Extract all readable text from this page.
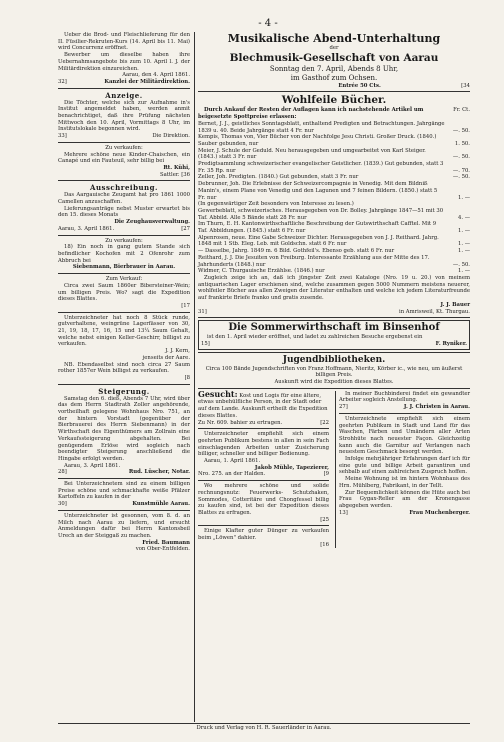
- 4 -

Ueber die Brod- und Fleischlieferung für den II. Füsilier-Rekruten-Kurs (14. April bis 11. Mai) wird Concurrenz eröffnet.

Bewerber um dieselbe haben ihre Uebernahmsangebote bis zum 10. April l. J. der Militärdirektion einzureichen.

Aarau, den 4. April 1861.

32]	Kanzlei der Militärdirektion.

Anzeige.

Die Töchter, welche sich zur Aufnahme in's Institut angemeldet haben, werden anmit benachrichtiget, daß ihre Prüfung nächsten Mittwoch den 10. April, Vormittags 8 Uhr, im Institutslokale begonnen wird.

33]	Die Direktion.

Zu verkaufen:

Mehrere schöne neue Kinder-Chaischen, ein Canapé und ein Fauteuil, sehr billig bei

Rt. Kühi,

Sattler. [36

Ausschreibung.

Das Aargauische Zeugamt hat pro 1861 1000 Camellen anzuschaffen.

Lieferungsanträge nebst Muster erwartet bis den 15. dieses Monats

Die Zeughausverwaltung.

Aarau, 3. April 1861.	[27

Zu verkaufen:

18) Ein noch in gang gutem Stande sich befindlicher Kochofen mit 2 Ofenrohr zum Abbruch bei

Siebenmann, Bierbrauer in Aarau.

Zum Verkauf:

Circa zwei Saum 1860er Bibersteiner-Wein; um billigen Preis. Wo? sagt die Expedition dieses Blattes.

[17

Unterzeichneter hat noch 8 Stück runde, gutverhaltene, weingrüne Lagerfässer von 30, 21, 19, 18, 17, 16, 15 und 13¼ Saum Gehalt, welche nebst einigen Keller-Geschirr, billigst zu verkaufen.

J. J. Kern,

jenseits der Aare.

NB. Ebendaselbst sind noch circa 27 Saum rother 1857er Wein billigst zu verkaufen.

[8

Steigerung.

Samstag den 6. dieß, Abends 7 Uhr, wird über das dem Herrn Stadtrath Zoller angehörende, vortheilhaft gelegene Wohnhaus Nro. 751, an der hintern Vorstadt (gegenüber der Bierbrauerei des Herrn Siebenmann) in der Wirthschaft des Eigenthümers am Zollrain eine Verkaufssteigerung abgehalten. Bei genügendem Erlöse wird sogleich nach beendigter Steigerung anschließend die Hingabe erfolgt werden.

Aarau, 3. April 1861.

28]	Rud. Lüscher, Notar.

Bei Unterzeichnetem sind zu einem billigen Preise schöne und schmackhafte weiße Pfälzer Kartoffeln zu kaufen in der

30]	Kunstmühle Aarau.

Unterzeichneter ist gesonnen, vom 8. d. an Milch nach Aarau zu liefern, und ersucht Anmeldungen dafür bei Herrn Kantonsbeil Urech an der Steiggaß zu machen.

Fried. Baumann

von Ober-Entfelden.

Musikalische Abend-Unterhaltung

der

Blechmusik-Gesellschaft von Aarau

Sonntag den 7. April, Abends 8 Uhr,

im Gasthof zum Ochsen.

Entrée 50 Cts.	[34

Wohlfeile Bücher.

Durch Ankauf der Resten der Auflagen kann ich nachstehende Artikel um beigesetzte Spottpreise erlassen:
Fr. Ct.
Bernet, J. J., geistliches Sonntagsblatt, enthaltend Predigten und Betrachtungen. Jahrgänge 1839 u. 40. Beide Jahrgänge statt 4 Fr. nur	—. 50.
Kempis, Thomas von, Vier Bücher von der Nachfolge Jesu Christi. Großer Druck. (1840.) Sauber gebunden, nur	1. 50.
Meier, J. Schule der Geduld. Neu herausgegeben und umgearbeitet von Karl Steiger. (1843.) statt 3 Fr. nur	—. 50.
Predigtsammlung schweizerischer evangelischer Geistlicher. (1839.) Gut gebunden, statt 3 Fr. 35 Rp. nur	—. 70.
Zeller, Joh. Predigten. (1840.) Gut gebunden, statt 3 Fr. nur	—. 50.
Debrunner, Joh. Die Erlebnisse der Schweizercompagnie in Venedig. Mit dem Bildniß Manin's, einem Plane von Venedig und den Lagunen und 7 feinen Bildern. (1850.) statt 5 Fr. nur	1. —
(In gegenwärtiger Zeit besonders von Interesse zu lesen.)
Gewerbeblatt, schweizerisches. Herausgegeben von Dr. Bolley. Jahrgänge 1847—51 mit 30 Taf. Abbild. Alle 5 Bände statt 28 Fr. nur	4. —
Im Thurn, E. H. Kantonwirthschaftliche Beschreibung der Gutswirthschaft Cafftel. Mit 9 Taf. Abbildungen. (1845.) statt 6 Fr. nur	1. —
Alpenrosen, neue. Eine Gabe Schweizer Dichter. Herausgegeben von J. J. Reithard. Jahrg. 1848 mit 1 Stb. Eleg. Leb. mit Goldschn. statt 6 Fr. nur	1. —
— Dasselbe, Jahrg. 1849 m. 6 Bild. Gothfeil's. Ebenso geb. statt 6 Fr. nur	1. —
Reithard, J. J. Die Jesuiten von Freiburg. Interessante Erzählung aus der Mitte des 17. Jahrhunderts (1848.) nur	—. 50.
Widmer, C. Thurgauische Erzählse. (1846.) nur	1. —

Zugleich zeige ich an, daß ich jüngster Zeit zwei Kataloge (Nro. 19 u. 20.) von meinem antiquarischen Lager erschienen sind, welche zusammen gegen 5000 Nummern meistens neuerer, wohlfeiler Bücher aus allen Zweigen der Literatur enthalten und welche ich jedem Literaturfreunde auf frankirte Briefe franko und gratis zusende.

J. J. Bauer

31]	in Amrisweil, Kt. Thurgau.

Die Sommerwirthschaft im Binsenhof

ist den 1. April wieder eröffnet, und ladet zu zahlreichen Besuche ergebenst ein

15]	F. Ryniker.

Jugendbibliotheken.

Circa 100 Bände Jugendschriften von Franz Hoffmann, Nieritz, Körber ic., wie neu, um äußerst billigen Preis.

Auskunft wird die Expedition dieses Blattes.

Gesucht: Kost und Logis für eine ältere, etwas unbehülfliche Person, in der Stadt oder auf dem Lande. Auskunft ertheilt die Expedition dieses Blattes.

Zu Nr. 609. bahier zu ertragen.	[22

Unterzeichneter empfiehlt sich einem geehrten Publikum bestens in allen in sein Fach einschlagenden Arbeiten unter Zusicherung billiger, schneller und billiger Bedienung.

Aarau, 1. April 1861.

Jakob Mühle, Tapezierer,

Nro. 275. an der Halden.	[9

Wo mehrere schöne und solide rechnungsnutz: Feuerwerks- Schutzhaken, Sommodes, Cotteritäre und Chongfessel billig zu kaufen sind, ist bei der Expedition dieses Blattes zu erfragen.

[25

Einige Klafter guter Dünger zu verkaufen beim „Löwen" dahier.

[16

In meiner Buchbinderei findet ein gewandter Arbeiter sogleich Anstellung.

27]	J. J. Christen in Aarau.

Unterzeichnete empfiehlt sich einem geehrten Publikum in Stadt und Land für das Waschen, Färben und Umändern aller Arten Strohhüte nach neuester Façon. Gleichzeitig kann auch die Garnitur auf Verlangen nach neuestem Geschmack besorgt werden.

Infolge mehrjähriger Erfahrungen darf ich für eine gute und billige Arbeit garantiren und sehbalb auf einen zahlreichen Zuspruch hoffen.

Meine Wohnung ist im hintern Wohnhaus des Hrn. Mühlberg, Fabrikant, in der Tellt.

Zur Bequemlichkeit können die Hüte auch bei Frau Gygax-Reller am der Kronengasse abgegeben werden.

13]	Frau Muchenberger.
Druck und Verlag von H. R. Sauerländer in Aarau.
